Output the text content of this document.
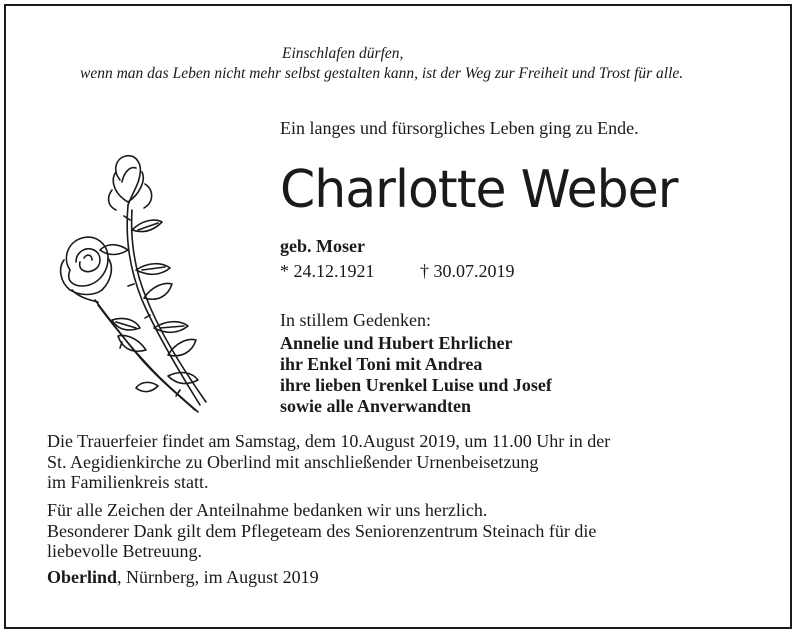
Einschlafen dürfen,
wenn man das Leben nicht mehr selbst gestalten kann, ist der Weg zur Freiheit und Trost für alle.
Ein langes und fürsorgliches Leben ging zu Ende.
Charlotte Weber
geb. Moser
* 24.12.1921	† 30.07.2019
In stillem Gedenken:
Annelie und Hubert Ehrlicher
ihr Enkel Toni mit Andrea
ihre lieben Urenkel Luise und Josef
sowie alle Anverwandten
Die Trauerfeier findet am Samstag, dem 10.August 2019, um 11.00 Uhr in der
St. Aegidienkirche zu Oberlind mit anschließender Urnenbeisetzung
im Familienkreis statt.
Für alle Zeichen der Anteilnahme bedanken wir uns herzlich.
Besonderer Dank gilt dem Pflegeteam des Seniorenzentrum Steinach für die
liebevolle Betreuung.
Oberlind, Nürnberg, im August 2019
